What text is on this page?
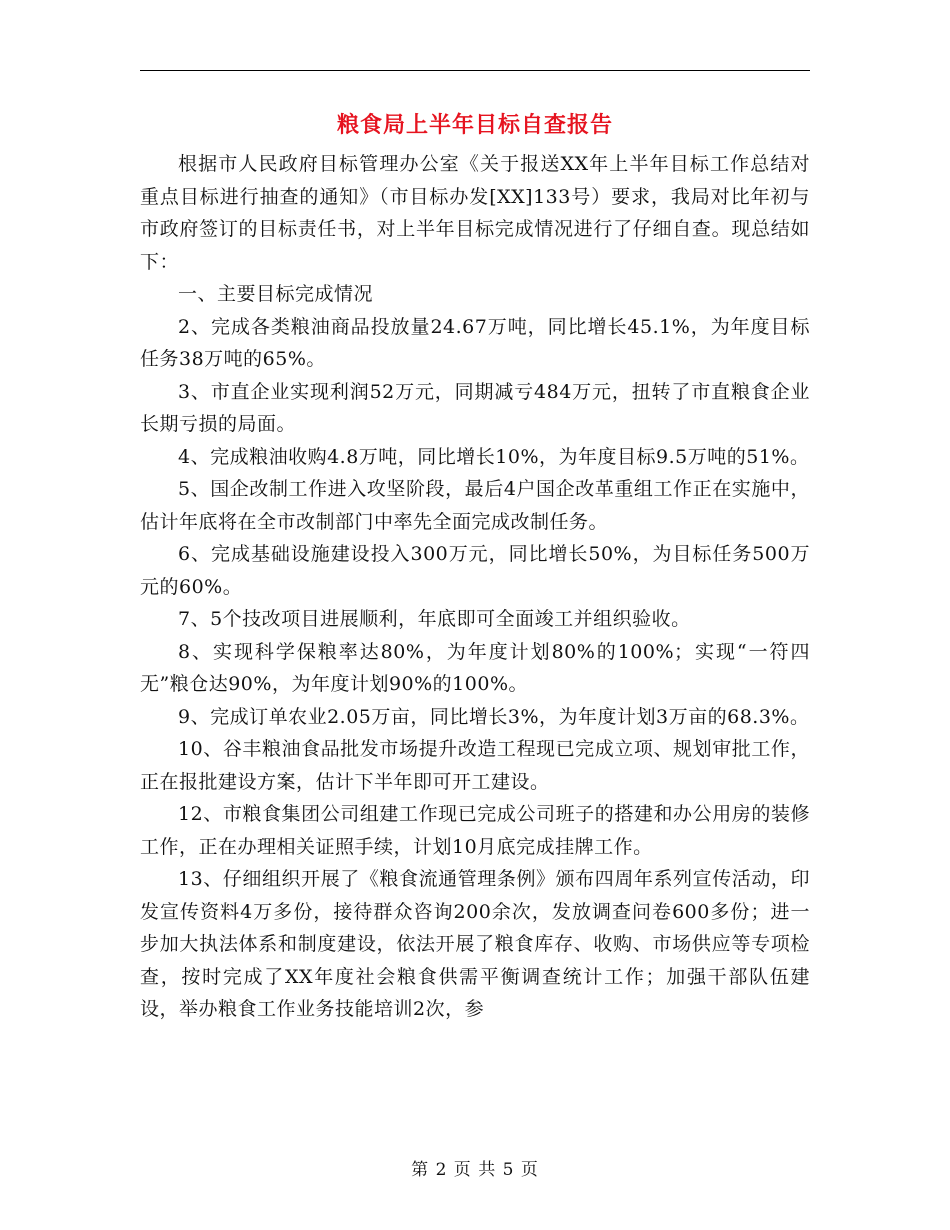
粮食局上半年目标自查报告

根据市人民政府目标管理办公室《关于报送XX年上半年目标工作总结对重点目标进行抽查的通知》（市目标办发[XX]133号）要求，我局对比年初与市政府签订的目标责任书，对上半年目标完成情况进行了仔细自查。现总结如下：

一、主要目标完成情况

2、完成各类粮油商品投放量24.67万吨，同比增长45.1%，为年度目标任务38万吨的65%。

3、市直企业实现利润52万元，同期减亏484万元，扭转了市直粮食企业长期亏损的局面。

4、完成粮油收购4.8万吨，同比增长10%，为年度目标9.5万吨的51%。

5、国企改制工作进入攻坚阶段，最后4户国企改革重组工作正在实施中，估计年底将在全市改制部门中率先全面完成改制任务。

6、完成基础设施建设投入300万元，同比增长50%，为目标任务500万元的60%。

7、5个技改项目进展顺利，年底即可全面竣工并组织验收。

8、实现科学保粮率达80%，为年度计划80%的100%；实现“一符四无”粮仓达90%，为年度计划90%的100%。

9、完成订单农业2.05万亩，同比增长3%，为年度计划3万亩的68.3%。

10、谷丰粮油食品批发市场提升改造工程现已完成立项、规划审批工作，正在报批建设方案，估计下半年即可开工建设。

12、市粮食集团公司组建工作现已完成公司班子的搭建和办公用房的装修工作，正在办理相关证照手续，计划10月底完成挂牌工作。

13、仔细组织开展了《粮食流通管理条例》颁布四周年系列宣传活动，印发宣传资料4万多份，接待群众咨询200余次，发放调查问卷600多份；进一步加大执法体系和制度建设，依法开展了粮食库存、收购、市场供应等专项检查，按时完成了XX年度社会粮食供需平衡调查统计工作；加强干部队伍建设，举办粮食工作业务技能培训2次，参

第 2 页 共 5 页
